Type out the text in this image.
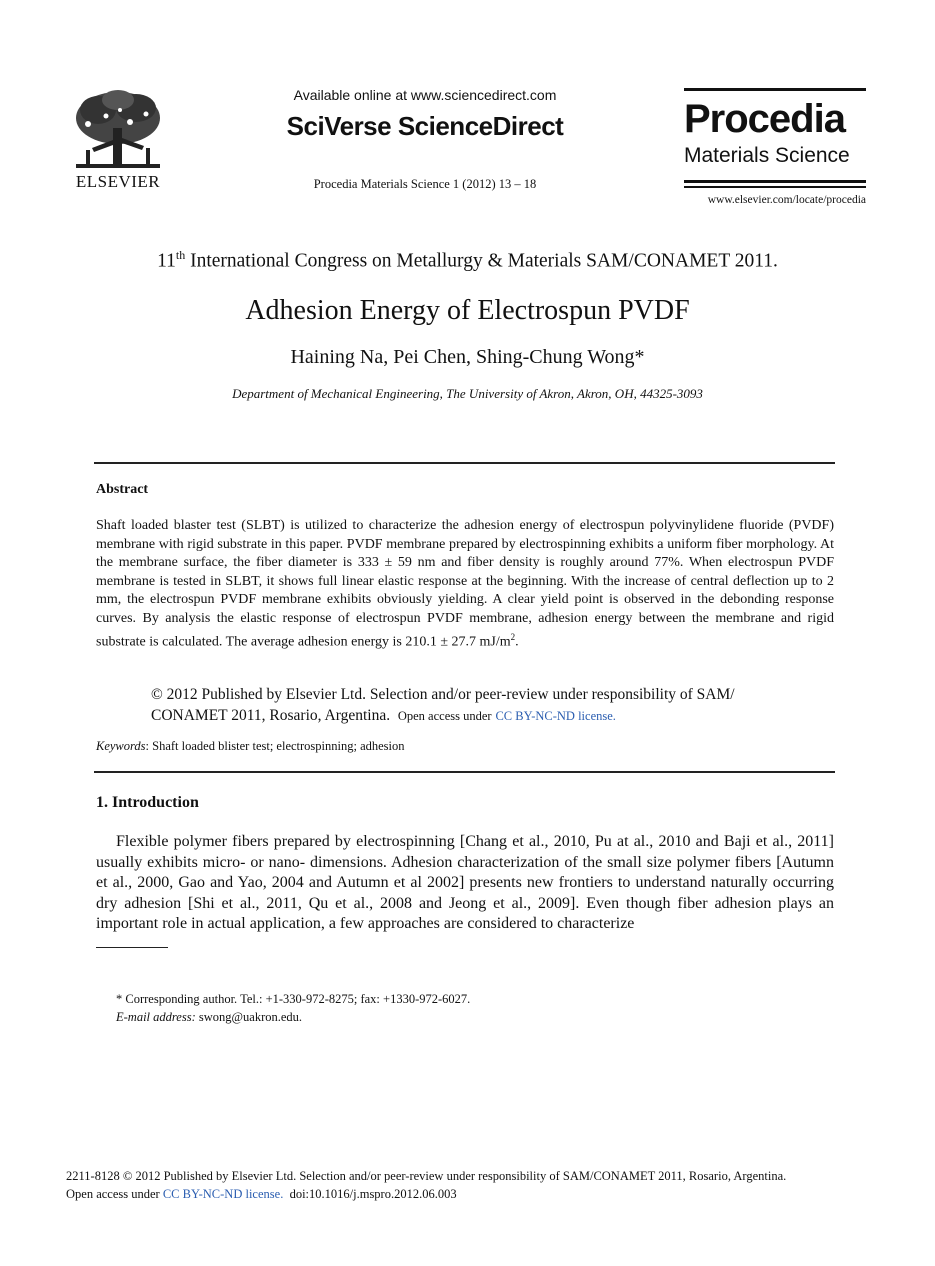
ELSEVIER
Available online at www.sciencedirect.com
SciVerse ScienceDirect
Procedia Materials Science 1 (2012) 13 – 18
Procedia
Materials Science
www.elsevier.com/locate/procedia
11th International Congress on Metallurgy & Materials SAM/CONAMET 2011.
Adhesion Energy of Electrospun PVDF
Haining Na, Pei Chen, Shing-Chung Wong*
Department of Mechanical Engineering, The University of Akron, Akron, OH, 44325-3093
Abstract
Shaft loaded blaster test (SLBT) is utilized to characterize the adhesion energy of electrospun polyvinylidene fluoride (PVDF) membrane with rigid substrate in this paper. PVDF membrane prepared by electrospinning exhibits a uniform fiber morphology. At the membrane surface, the fiber diameter is 333 ± 59 nm and fiber density is roughly around 77%. When electrospun PVDF membrane is tested in SLBT, it shows full linear elastic response at the beginning. With the increase of central deflection up to 2 mm, the electrospun PVDF membrane exhibits obviously yielding. A clear yield point is observed in the debonding response curves. By analysis the elastic response of electrospun PVDF membrane, adhesion energy between the membrane and rigid substrate is calculated. The average adhesion energy is 210.1 ± 27.7 $mJ/m^2$.
© 2012 Published by Elsevier Ltd. Selection and/or peer-review under responsibility of SAM/ CONAMET 2011, Rosario, Argentina. Open access under CC BY-NC-ND license.
Keywords: Shaft loaded blister test; electrospinning; adhesion
1. Introduction
Flexible polymer fibers prepared by electrospinning [Chang et al., 2010, Pu at al., 2010 and Baji et al., 2011] usually exhibits micro- or nano- dimensions. Adhesion characterization of the small size polymer fibers [Autumn et al., 2000, Gao and Yao, 2004 and Autumn et al 2002] presents new frontiers to understand naturally occurring dry adhesion [Shi et al., 2011, Qu et al., 2008 and Jeong et al., 2009]. Even though fiber adhesion plays an important role in actual application, a few approaches are considered to characterize
* Corresponding author. Tel.: +1-330-972-8275; fax: +1330-972-6027.
E-mail address: swong@uakron.edu.
2211-8128 © 2012 Published by Elsevier Ltd. Selection and/or peer-review under responsibility of SAM/CONAMET 2011, Rosario, Argentina.
Open access under CC BY-NC-ND license. doi:10.1016/j.mspro.2012.06.003
